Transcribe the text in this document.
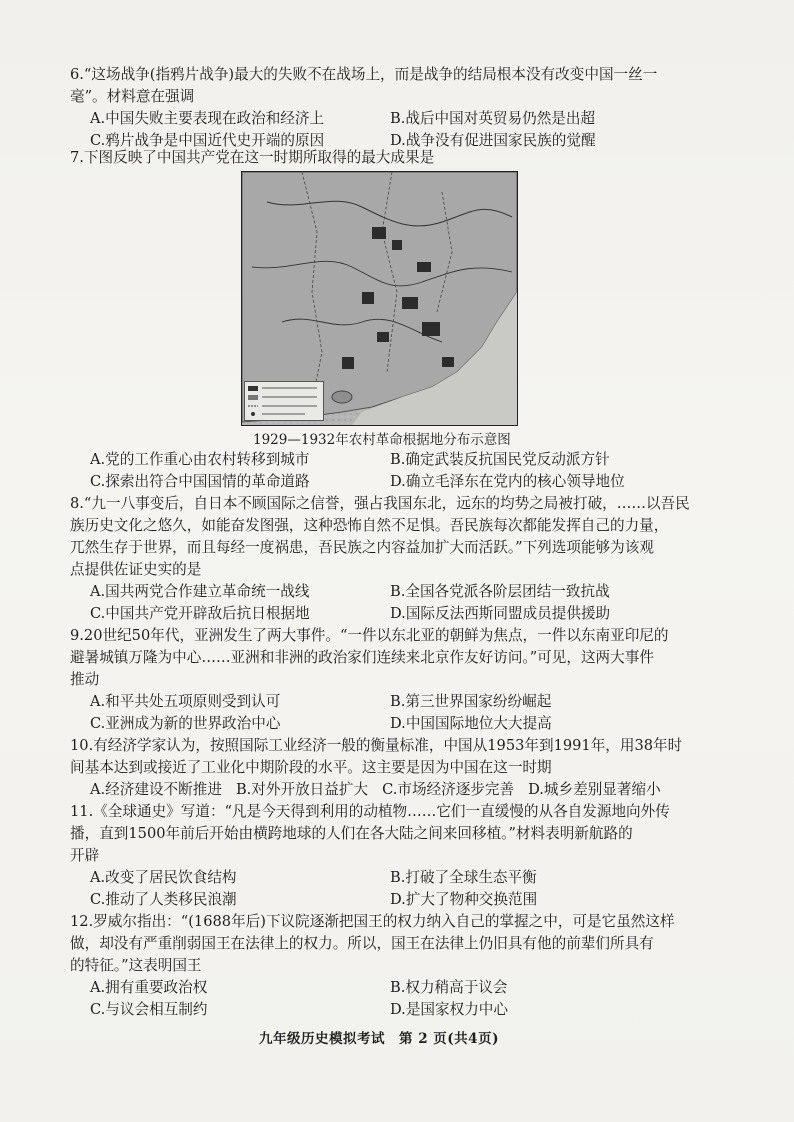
6.“这场战争(指鸦片战争)最大的失败不在战场上，而是战争的结局根本没有改变中国一丝一

毫”。材料意在强调

A.中国失败主要表现在政治和经济上	B.战后中国对英贸易仍然是出超
C.鸦片战争是中国近代史开端的原因	D.战争没有促进国家民族的觉醒

7.下图反映了中国共产党在这一时期所取得的最大成果是

1929—1932年农村革命根据地分布示意图
A.党的工作重心由农村转移到城市	B.确定武装反抗国民党反动派方针
C.探索出符合中国国情的革命道路	D.确立毛泽东在党内的核心领导地位

8.“九一八事变后，自日本不顾国际之信誉，强占我国东北，远东的均势之局被打破，……以吾民

族历史文化之悠久，如能奋发图强，这种恐怖自然不足惧。吾民族每次都能发挥自己的力量，

兀然生存于世界，而且每经一度祸患，吾民族之内容益加扩大而活跃。”下列选项能够为该观

点提供佐证史实的是

A.国共两党合作建立革命统一战线	B.全国各党派各阶层团结一致抗战
C.中国共产党开辟敌后抗日根据地	D.国际反法西斯同盟成员提供援助

9.20世纪50年代，亚洲发生了两大事件。“一件以东北亚的朝鲜为焦点，一件以东南亚印尼的

避暑城镇万隆为中心……亚洲和非洲的政治家们连续来北京作友好访问。”可见，这两大事件

推动

A.和平共处五项原则受到认可	B.第三世界国家纷纷崛起
C.亚洲成为新的世界政治中心	D.中国国际地位大大提高

10.有经济学家认为，按照国际工业经济一般的衡量标准，中国从1953年到1991年，用38年时

间基本达到或接近了工业化中期阶段的水平。这主要是因为中国在这一时期

A.经济建设不断推进 B.对外开放日益扩大 C.市场经济逐步完善 D.城乡差别显著缩小

11.《全球通史》写道：“凡是今天得到利用的动植物……它们一直缓慢的从各自发源地向外传

播，直到1500年前后开始由横跨地球的人们在各大陆之间来回移植。”材料表明新航路的

开辟

A.改变了居民饮食结构	B.打破了全球生态平衡
C.推动了人类移民浪潮	D.扩大了物种交换范围

12.罗威尔指出：“(1688年后)下议院逐渐把国王的权力纳入自己的掌握之中，可是它虽然这样

做，却没有严重削弱国王在法律上的权力。所以，国王在法律上仍旧具有他的前辈们所具有

的特征。”这表明国王

A.拥有重要政治权	B.权力稍高于议会
C.与议会相互制约	D.是国家权力中心
九年级历史模拟考试　第 2 页(共4页)
